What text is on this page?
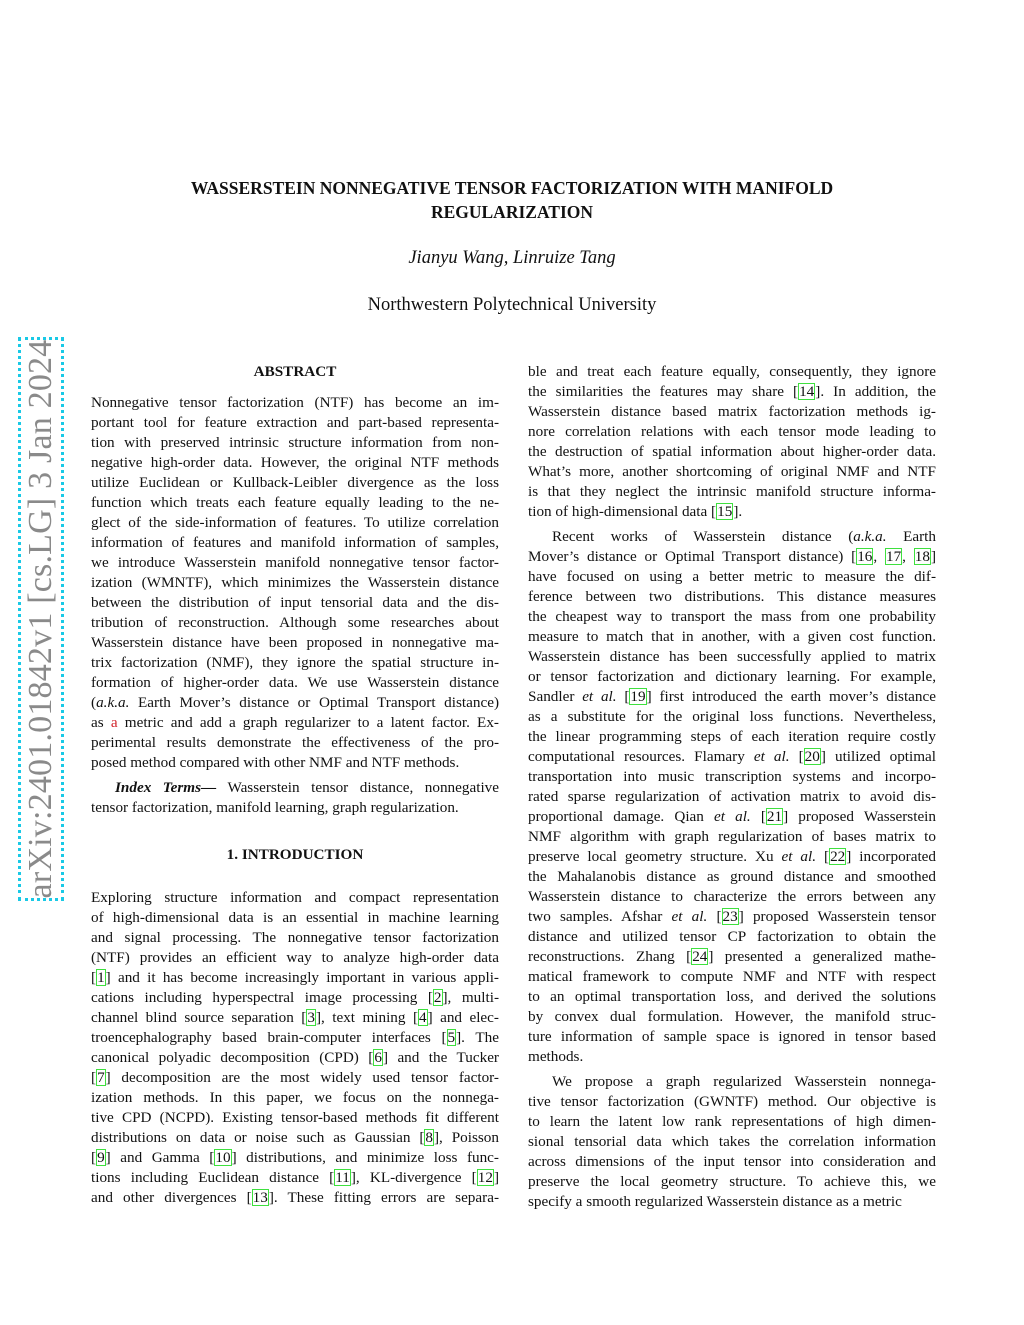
arXiv:2401.01842v1 [cs.LG] 3 Jan 2024
WASSERSTEIN NONNEGATIVE TENSOR FACTORIZATION WITH MANIFOLD
REGULARIZATION
Jianyu Wang, Linruize Tang
Northwestern Polytechnical University
ABSTRACT
Nonnegative tensor factorization (NTF) has become an im-
portant tool for feature extraction and part-based representa-
tion with preserved intrinsic structure information from non-
negative high-order data. However, the original NTF methods
utilize Euclidean or Kullback-Leibler divergence as the loss
function which treats each feature equally leading to the ne-
glect of the side-information of features. To utilize correlation
information of features and manifold information of samples,
we introduce Wasserstein manifold nonnegative tensor factor-
ization (WMNTF), which minimizes the Wasserstein distance
between the distribution of input tensorial data and the dis-
tribution of reconstruction. Although some researches about
Wasserstein distance have been proposed in nonnegative ma-
trix factorization (NMF), they ignore the spatial structure in-
formation of higher-order data. We use Wasserstein distance
(a.k.a. Earth Mover’s distance or Optimal Transport distance)
as a metric and add a graph regularizer to a latent factor. Ex-
perimental results demonstrate the effectiveness of the pro-
posed method compared with other NMF and NTF methods.
Index Terms— Wasserstein tensor distance, nonnegative
tensor factorization, manifold learning, graph regularization.
1. INTRODUCTION
Exploring structure information and compact representation
of high-dimensional data is an essential in machine learning
and signal processing. The nonnegative tensor factorization
(NTF) provides an efficient way to analyze high-order data
[1] and it has become increasingly important in various appli-
cations including hyperspectral image processing [2], multi-
channel blind source separation [3], text mining [4] and elec-
troencephalography based brain-computer interfaces [5]. The
canonical polyadic decomposition (CPD) [6] and the Tucker
[7] decomposition are the most widely used tensor factor-
ization methods. In this paper, we focus on the nonnega-
tive CPD (NCPD). Existing tensor-based methods fit different
distributions on data or noise such as Gaussian [8], Poisson
[9] and Gamma [10] distributions, and minimize loss func-
tions including Euclidean distance [11], KL-divergence [12]
and other divergences [13]. These fitting errors are separa-
ble and treat each feature equally, consequently, they ignore
the similarities the features may share [14]. In addition, the
Wasserstein distance based matrix factorization methods ig-
nore correlation relations with each tensor mode leading to
the destruction of spatial information about higher-order data.
What’s more, another shortcoming of original NMF and NTF
is that they neglect the intrinsic manifold structure informa-
tion of high-dimensional data [15].
Recent works of Wasserstein distance (a.k.a. Earth
Mover’s distance or Optimal Transport distance) [16, 17, 18]
have focused on using a better metric to measure the dif-
ference between two distributions. This distance measures
the cheapest way to transport the mass from one probability
measure to match that in another, with a given cost function.
Wasserstein distance has been successfully applied to matrix
or tensor factorization and dictionary learning. For example,
Sandler et al. [19] first introduced the earth mover’s distance
as a substitute for the original loss functions. Nevertheless,
the linear programming steps of each iteration require costly
computational resources. Flamary et al. [20] utilized optimal
transportation into music transcription systems and incorpo-
rated sparse regularization of activation matrix to avoid dis-
proportional damage. Qian et al. [21] proposed Wasserstein
NMF algorithm with graph regularization of bases matrix to
preserve local geometry structure. Xu et al. [22] incorporated
the Mahalanobis distance as ground distance and smoothed
Wasserstein distance to characterize the errors between any
two samples. Afshar et al. [23] proposed Wasserstein tensor
distance and utilized tensor CP factorization to obtain the
reconstructions. Zhang [24] presented a generalized mathe-
matical framework to compute NMF and NTF with respect
to an optimal transportation loss, and derived the solutions
by convex dual formulation. However, the manifold struc-
ture information of sample space is ignored in tensor based
methods.
We propose a graph regularized Wasserstein nonnega-
tive tensor factorization (GWNTF) method. Our objective is
to learn the latent low rank representations of high dimen-
sional tensorial data which takes the correlation information
across dimensions of the input tensor into consideration and
preserve the local geometry structure. To achieve this, we
specify a smooth regularized Wasserstein distance as a metric
